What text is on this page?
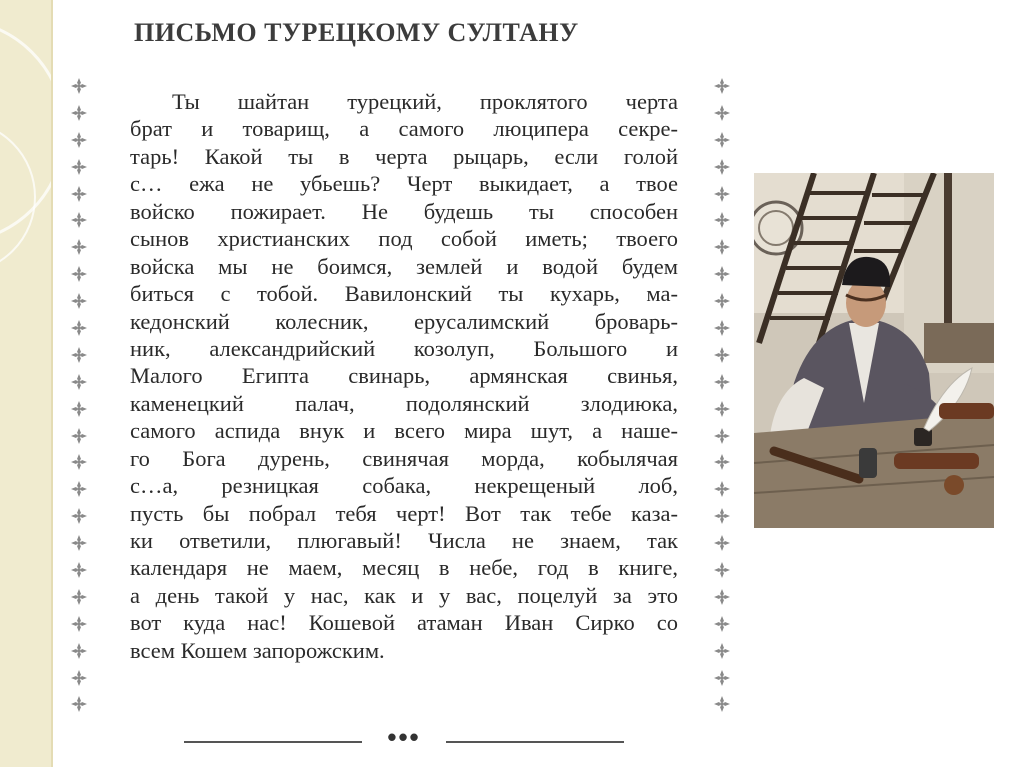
ПИСЬМО ТУРЕЦКОМУ СУЛТАНУ
Ты шайтан турецкий, проклятого черта
брат и товарищ, а самого люципера секре-
тарь! Какой ты в черта рыцарь, если голой
с… ежа не убьешь? Черт выкидает, а твое
войско пожирает. Не будешь ты способен
сынов христианских под собой иметь; твоего
войска мы не боимся, землей и водой будем
биться с тобой. Вавилонский ты кухарь, ма-
кедонский колесник, ерусалимский броварь-
ник, александрийский козолуп, Большого и
Малого Египта свинарь, армянская свинья,
каменецкий палач, подолянский злодиюка,
самого аспида внук и всего мира шут, а наше-
го Бога дурень, свинячая морда, кобылячая
с…а, резницкая собака, некрещеный лоб,
пусть бы побрал тебя черт! Вот так тебе каза-
ки ответили, плюгавый! Числа не знаем, так
календаря не маем, месяц в небе, год в книге,
а день такой у нас, как и у вас, поцелуй за это
вот куда нас! Кошевой атаман Иван Сирко со
всем Кошем запорожским.
•••
